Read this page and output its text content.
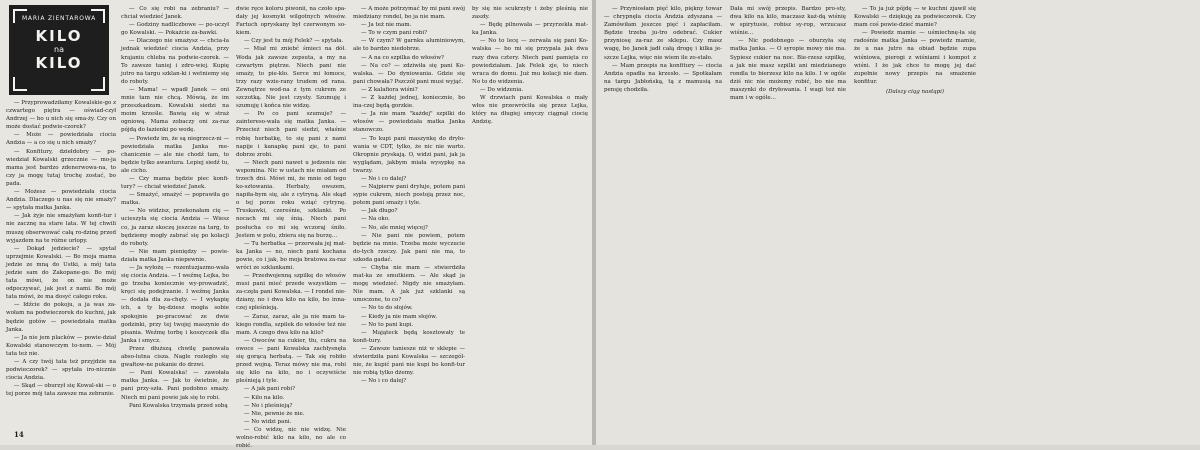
MARIA ZIENTAROWA
KILO
na
KILO

— Przyprowadziłamy Kowalskie-go z czwartego piętra — oświad-czył Andrzej — bo u nich się sma-ży. Czy on może dostać podwie-czorek?

— Może — powiedziała ciocia Andzia — a co się u nich smaży?

— Konfitury, dziełdobry — po-wiedział Kowalski grzecznie — mo-ja mama jest bardzo zdenerwowa-na, to czy ja mogę tutaj trochę zostać, bo pada.

— Możesz — powiedziała ciocia Andzia. Dlaczego u nas się nie smaży? — spytała matka Janka.

— Jak żyje nie smażyłam konfi-tur i nie zacznę na stare lata. W tej chwili muszę obserwować całą ro-dzinę przed wyjazdem na te różne urlopy.

— Dokąd jedziecie? — spytał uprzejmie Kowalski. — Bo moja mama jedzie ze mną do Ustki, a mój tata jedzie sam do Zakopane-go. Bo mój tata mówi, że on nie może odpoczywać, jak jest z nami. Bo mój tata mówi, że ma dosyć całego roku.

— Idźcie do pokoju, a ja was za-wołam na podwieczorek do kuchni, jak będzie gotów — powiedziała matka Janka.

— Ja nie jem placków — powie-dział Kowalski stanowczym to-nem. — Mój tata też nie.

— A czy twój tata też przyjdzie na podwieczorek? — spytała iro-nicznie ciocia Andzia.

— Skąd — oburzył się Kowal-ski — o tej porze mój tata zawsze ma zebranie.

— Co się robi na zebraniu? — chciał wiedzieć Janek.

— Godziny nadliczbowe — po-uczył go Kowalski. — Pokażcie za-bawki.

— Dlaczego nie smażysz — chcia-ła jednak wiedzieć ciocia Andzia, przy krajaniu chleba na podwie-czorek. — To zawsze taniej i zdro-wiej. Kupię jutro na targu szklan-ki i wetniemy się do roboty.

— Mama! — wpadł Janek — oni mnie tam nie chcą. Mówią, że im przeszkadzam. Kowalski siedzi na moim krześle. Bawią się w straż ogniową. Mama zobaczy oni za-raz pójdą do łazienki po wodę.

— Powiedz im, że są niegrzecz-ni — powiedziała matka Janka me-chanicznie — ale nie chodź tam, to będzie tylko awantura. Lepiej siedź tu, ale cicho.

— Czy mama będzie piec konfi-tury? — chciał wiedzieć Janek.

— Smażyć, smażyć — poprawiła go matka.

— No widzisz, przekonałam cię — ucieszyła się ciocia Andzia — Wiesz co, ja zaraz skoczę jeszcze na targ, to będziemy mogły zabrać się po kolacji do roboty.

— Nie mam pieniędzy — powie-działa matka Janka niepewnie.

— Ja wyłożę — rozentuzjazmo-wała się ciocia Andzia. — I weźmę Lejka, bo go trzeba koniecznie wy-prowadzić, kręci się podejrzanie. I weźmę Janka — dodała dla za-chęty. — I wykapię ich, a ty bę-dziesz mogła sobie spokojnie po-pracować ze dwie godzinki, przy tej twojej maszynie do pisania. Weźmę torbę i koszyczek dla Janka i smycz.

Przez dłuższą chwilę panowała abso-lutna cisza. Nagle rozległo się gwałtow-ne pukanie do drzwi.

— Pani Kowalska! — zawołała matka Janka. — Jak to świetnie, że pani przy-szła. Pani podobno smaży. Niech mi pani powie jak się to robi.

Pani Kowalska trzymała przed sobą

dwie ręce koloru piwonii, na czoło spa-dały jej kosmyki wilgotnych włosów. Fartuch opryskany był czerwonym so-kiem.

— Czy jest tu mój Felek? — spytała.

— Miał mi zniebć śmieci na dół. Woda jak zawsze zepsuta, a my na czwartym piętrze. Niech pani nie smaży, to pie-kło. Serce mi łomoce, trzy razy wzie-rany trudem od rana. Zewnętrze wod-na z tym cukrem ze szczotką. Nie jest czysty. Szumuję i szumuję i końca nie widzę.

— Po co pani szumuje? — zaintereso-wała się matka Janka. — Przecież niech pani siedzi, właśnie robię herbatkę, to się pani z nami napije i kanapkę pani zje, to pani dobrze zrobi.

— Niech pani nawet u jedzeniu nie wspomina. Nic w ustach nie miałam od trzech dni. Mówi mi, że mnie od tego ko-sztowania. Herbaty, owszem, napiła-bym się, ale z cytryną. Ale skąd o tej porze roku wziąć cytrynę. Truskawki, czereśnie, szklanki. Po nocach mi się śnią. Niech pani posłucha co mi się wczoraj śniło. Jestem w polu, zbiera się na burzę...

— Tu herbatka — przerwała jej mat-ka Janka — no, niech pani kochana powie, co i jak, bo moja bratowa za-raz wróci ze szklankami.

— Przedwojenną szpilkę do włosów musi pani mieć przede wszystkim — za-częła pani Kowalska. — I rondel nie-dziany, no i dwa kilo na kilo, bo inna-czej spleśnieją.

— Zaraz, zaraz, ale ja nie mam ta-kiego rondla, szpilek do włosów też nie mam. A czego dwa kilo na kilo?

— Owoców na cukier, tłu, cukru na owoce — pani Kowalska zachłysnęła się gorącą herbatą. — Tak się robiło przed wojną. Teraz mówy nie ma, robi się kilo na kilo, no i oczywiście pleśnieją i tyle.

— A jak pani robi?

— Kilo na kilo.

— No i pleśnieją?

— Nie, pewnie że nie.

— No widzi pani.

— Co widzę, nic nie widzę. Nie wolno-robić kilo na kilo, no ale co robić.

— A może potrzymać by mi pani swój miedziany rondel, bo ja nie mam.

— Ja też nie mam.

— To w czym pani robi?

— W czym? W garnku aluminiowym, ale to bardzo niedobrze.

— A na co szpilka do włosów?

— Na co? — zdziwiła się pani Ko-walska. — Do dyniowania. Gdzie się pani chowała? Pszczół pani musi wyjąć.

— Z kalafiora wiśni?

— Z każdej jednej, koniecznie, bo ina-czej będą gorzkie.

— Ja nie mam "każdej" szpilki do włosów — powiedziała matka Janka stanowczo.

— To kupi pani maszynkę do dryło-wania w CDT, tylko, że nic nie warto. Okropnie pryskają. O, widzi pani, jak ja wyglądam, jakbym miała wysypkę na twarzy.

— No i co dalej?

— Najpierw pani dryluje, potem pani sypie cukrem, niech postoją przez noc, potem pani smaży i tyle.

— Jak długo?

— Na oko.

— No, ale mniej więcej?

— Nie pani nie powiem, potem będzie na mnie. Trzeba może wyczucie do-tych rzeczy. Jak pani nie ma, to szkoda gadać.

— Chyba nie mam — stwierdziła mat-ka ze smutkiem. — Ale skąd ja mogę wiedzieć. Nigdy nie smażyłam. Nie mam. A jak już szklanki są umoczone, to co?

— No to do słojów.

— Kiedy ja nie mam słojów.

— No to pani kupi.

— Mająteck będą kosztowały te konfi-tury.

— Zawsze taniesze niż w sklepie — stwierdziła pani Kowalska — szczegól-nie, że kupić pani nie kupi bo konfi-tur nie robią tylko dżemy.

— No i co dalej?

by się nie scukrzyły i żeby pleśnią nie zaszły.

— Będę pilnowała — przyrzekła mat-ka Janka.

— No to lecę — zerwała się pani Ko-walska — bo mi się przypala jak dwa razy dwa cztery. Niech pani pamięta co powiedziałam. Jak Felek zje, to niech wraca do domu. Już mu kolacji nie dam. No to do widzenia.

— Do widzenia.

W drzwiach pani Kowalska o mały włos nie przewróciła się przez Lejka, który na długiej smyczy ciągnął ciocię Andzię.

14

— Przyniosłam pięć kilo, piękny towar — chrypnęła ciocia Andzia zdyszana — Zamówiłam jeszcze pięć i zapłaciłam. Będzie trzeba ju-tro odebrać. Cukier przyniosę za-raz ze sklepu. Czy masz wagę, bo Janek jadł całą drogę i kilka je-szcze Lejka, więc nie wiem ile zo-stało.

— Mam przepis na konfitury — ciocia Andzia opadła na krzesło. — Spotkałam na targu Jabłońską, tą z mamusią na pensję chodziła.

Dała mi swój przepis. Bardzo pro-sty, dwa kilo na kilo, maczasz każ-dą wiśnię w spirytusie, robisz sy-rop, wrzucasz wiśnie...

— Nic podobnego — oburzyła się matka Janka. — O syropie mowy nie ma. Sypiesz cukier na noc. Bie-rzesz szpilkę, a jak nie masz szpilki ani miedzianego rondla to bierzesz kilo na kilo. I w ogóle dziś nic nie możemy robić, bo nie ma maszynki do dryłowania. I wagi też nie mam i w ogóle...

— To ja już pójdę — w kuchni zjawił się Kowalski — dziękuję za podwieczorek. Czy mam coś powie-dzieć mamie?

— Powiedz mamie — uśmiechnę-ła się radośnie matka Janka — powiedz mamie, że u nas jutro na obiad będzie zupa wiśniowa, pierogi z wiśniami i kompot z wiśni. I że jak chce to mogę jej dać zupełnie nowy przepis na smażenie konfitur.

(Dalszy ciąg nastąpi)
